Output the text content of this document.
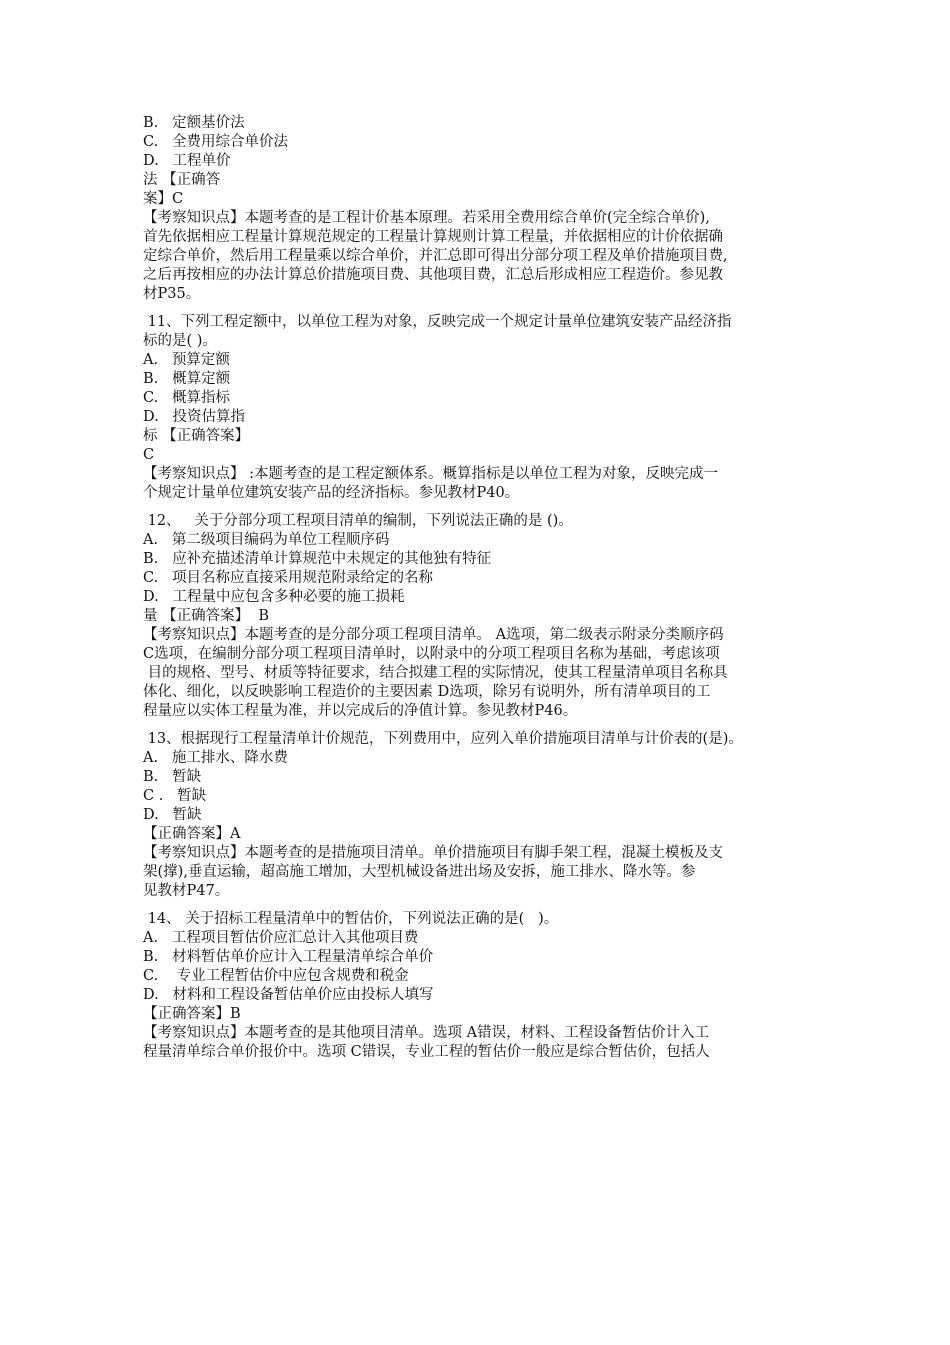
B.   定额基价法
C.   全费用综合单价法
D.   工程单价
法 【正确答
案】C
【考察知识点】本题考查的是工程计价基本原理。若采用全费用综合单价(完全综合单价),
首先依据相应工程量计算规范规定的工程量计算规则计算工程量，并依据相应的计价依据确
定综合单价，然后用工程量乘以综合单价，并汇总即可得出分部分项工程及单价措施项目费,
之后再按相应的办法计算总价措施项目费、其他项目费，汇总后形成相应工程造价。参见教
材P35。
11、下列工程定额中，以单位工程为对象，反映完成一个规定计量单位建筑安装产品经济指
标的是( )。
A.   预算定额
B.   概算定额
C.   概算指标
D.   投资估算指
标 【正确答案】
C
【考察知识点】 :本题考查的是工程定额体系。概算指标是以单位工程为对象，反映完成一
个规定计量单位建筑安装产品的经济指标。参见教材P40。
12、   关于分部分项工程项目清单的编制，下列说法正确的是 ()。
A.   第二级项目编码为单位工程顺序码
B.   应补充描述清单计算规范中未规定的其他独有特征
C.   项目名称应直接采用规范附录给定的名称
D.   工程量中应包含多种必要的施工损耗
量 【正确答案】  B
【考察知识点】本题考查的是分部分项工程项目清单。 A选项，第二级表示附录分类顺序码
C选项，在编制分部分项工程项目清单时，以附录中的分项工程项目名称为基础，考虑该项
目的规格、型号、材质等特征要求，结合拟建工程的实际情况，使其工程量清单项目名称具
体化、细化，以反映影响工程造价的主要因素 D选项，除另有说明外，所有清单项目的工
程量应以实体工程量为准，并以完成后的净值计算。参见教材P46。
13、根据现行工程量清单计价规范，下列费用中，应列入单价措施项目清单与计价表的(是)。
A.   施工排水、降水费
B.   暂缺
C .   暂缺
D.   暂缺
【正确答案】A
【考察知识点】本题考查的是措施项目清单。单价措施项目有脚手架工程，混凝土模板及支
架(撑),垂直运输，超高施工增加，大型机械设备进出场及安拆，施工排水、降水等。参
见教材P47。
14、 关于招标工程量清单中的暂估价，下列说法正确的是(   )。
A.   工程项目暂估价应汇总计入其他项目费
B.   材料暂估单价应计入工程量清单综合单价
C.    专业工程暂估价中应包含规费和税金
D.   材料和工程设备暂估单价应由投标人填写
【正确答案】B
【考察知识点】本题考查的是其他项目清单。选项 A错误，材料、工程设备暂估价计入工
程量清单综合单价报价中。选项 C错误，专业工程的暂估价一般应是综合暂估价，包括人
